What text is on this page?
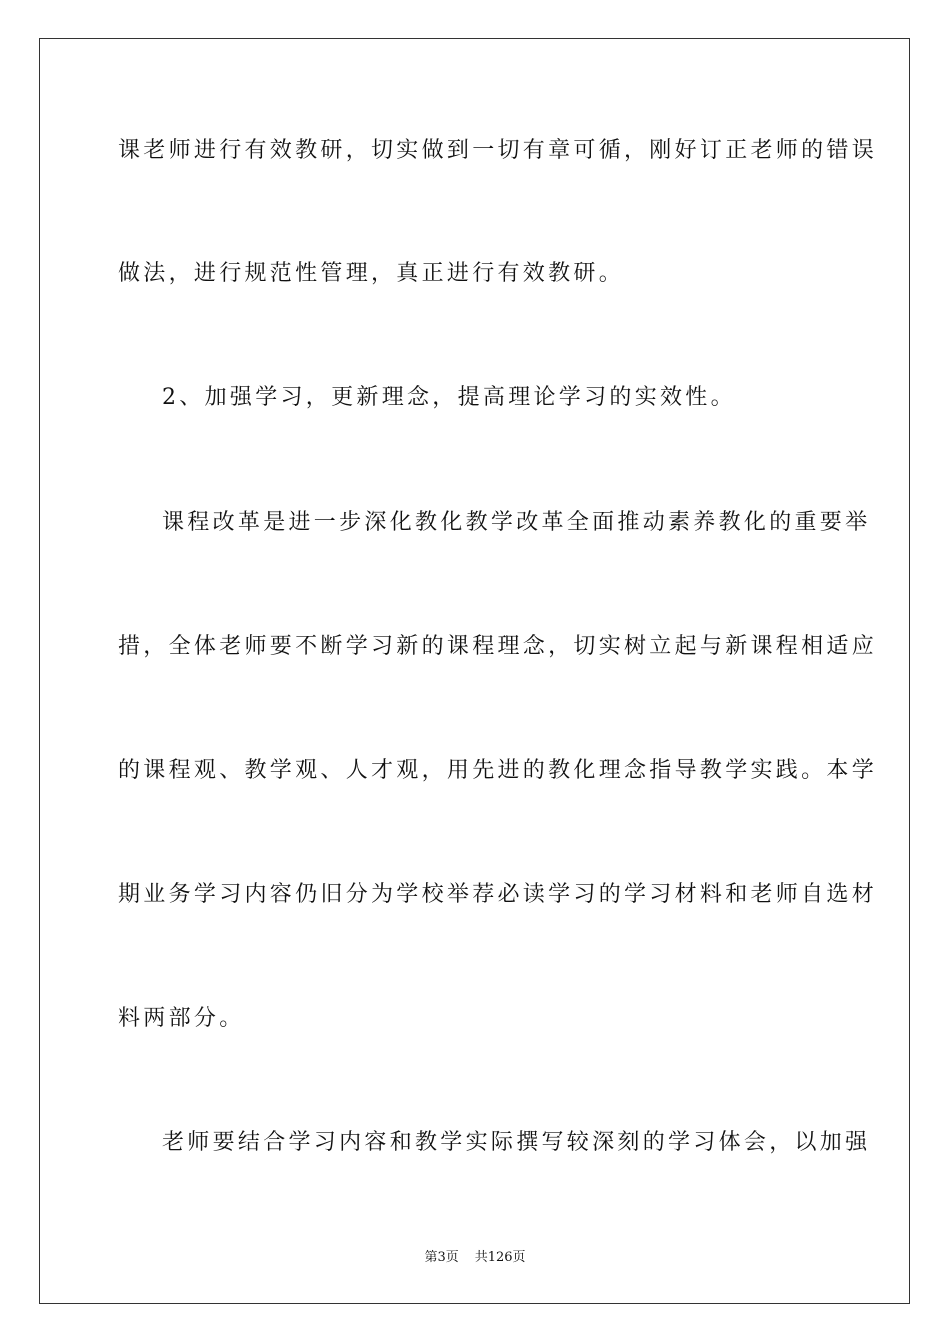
课老师进行有效教研，切实做到一切有章可循，刚好订正老师的错误
做法，进行规范性管理，真正进行有效教研。
2、加强学习，更新理念，提高理论学习的实效性。
课程改革是进一步深化教化教学改革全面推动素养教化的重要举
措，全体老师要不断学习新的课程理念，切实树立起与新课程相适应
的课程观、教学观、人才观，用先进的教化理念指导教学实践。本学
期业务学习内容仍旧分为学校举荐必读学习的学习材料和老师自选材
料两部分。
老师要结合学习内容和教学实际撰写较深刻的学习体会，以加强
第3页 共126页
